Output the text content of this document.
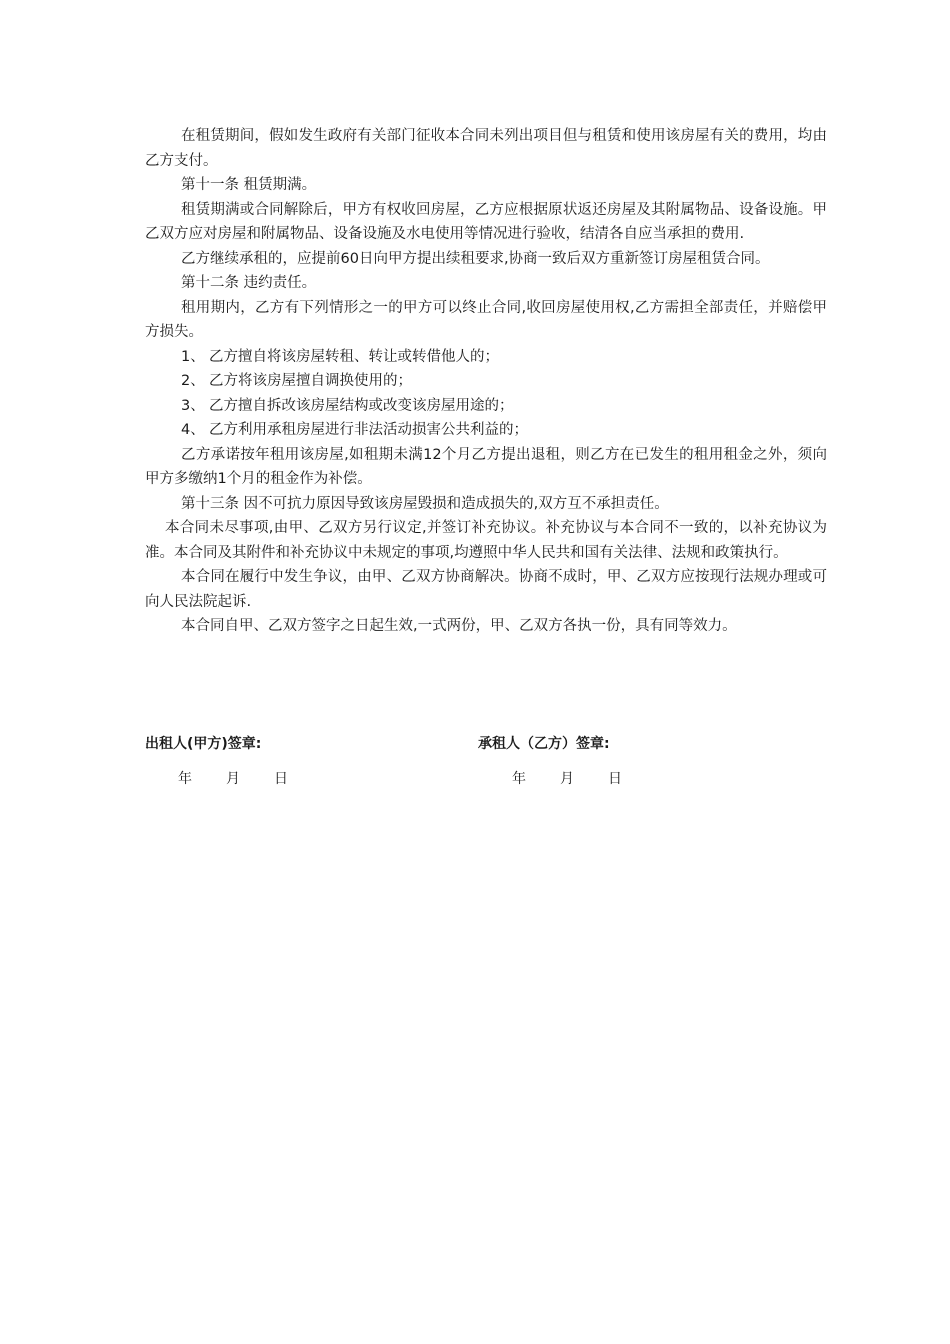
在租赁期间，假如发生政府有关部门征收本合同未列出项目但与租赁和使用该房屋有关的费用，均由乙方支付。

第十一条 租赁期满。

租赁期满或合同解除后，甲方有权收回房屋，乙方应根据原状返还房屋及其附属物品、设备设施。甲乙双方应对房屋和附属物品、设备设施及水电使用等情况进行验收，结清各自应当承担的费用.

乙方继续承租的，应提前60日向甲方提出续租要求,协商一致后双方重新签订房屋租赁合同。

第十二条 违约责任。

租用期内，乙方有下列情形之一的甲方可以终止合同,收回房屋使用权,乙方需担全部责任，并赔偿甲方损失。

1、 乙方擅自将该房屋转租、转让或转借他人的；

2、 乙方将该房屋擅自调换使用的；

3、 乙方擅自拆改该房屋结构或改变该房屋用途的；

4、 乙方利用承租房屋进行非法活动损害公共利益的；

乙方承诺按年租用该房屋,如租期未满12个月乙方提出退租，则乙方在已发生的租用租金之外，须向甲方多缴纳1个月的租金作为补偿。

第十三条 因不可抗力原因导致该房屋毁损和造成损失的,双方互不承担责任。

本合同未尽事项,由甲、乙双方另行议定,并签订补充协议。补充协议与本合同不一致的，以补充协议为准。本合同及其附件和补充协议中未规定的事项,均遵照中华人民共和国有关法律、法规和政策执行。

本合同在履行中发生争议，由甲、乙双方协商解决。协商不成时，甲、乙双方应按现行法规办理或可向人民法院起诉.

本合同自甲、乙双方签字之日起生效,一式两份，甲、乙双方各执一份，具有同等效力。

出租人(甲方)签章:	承租人（乙方）签章:
年 月 日	年 月 日
